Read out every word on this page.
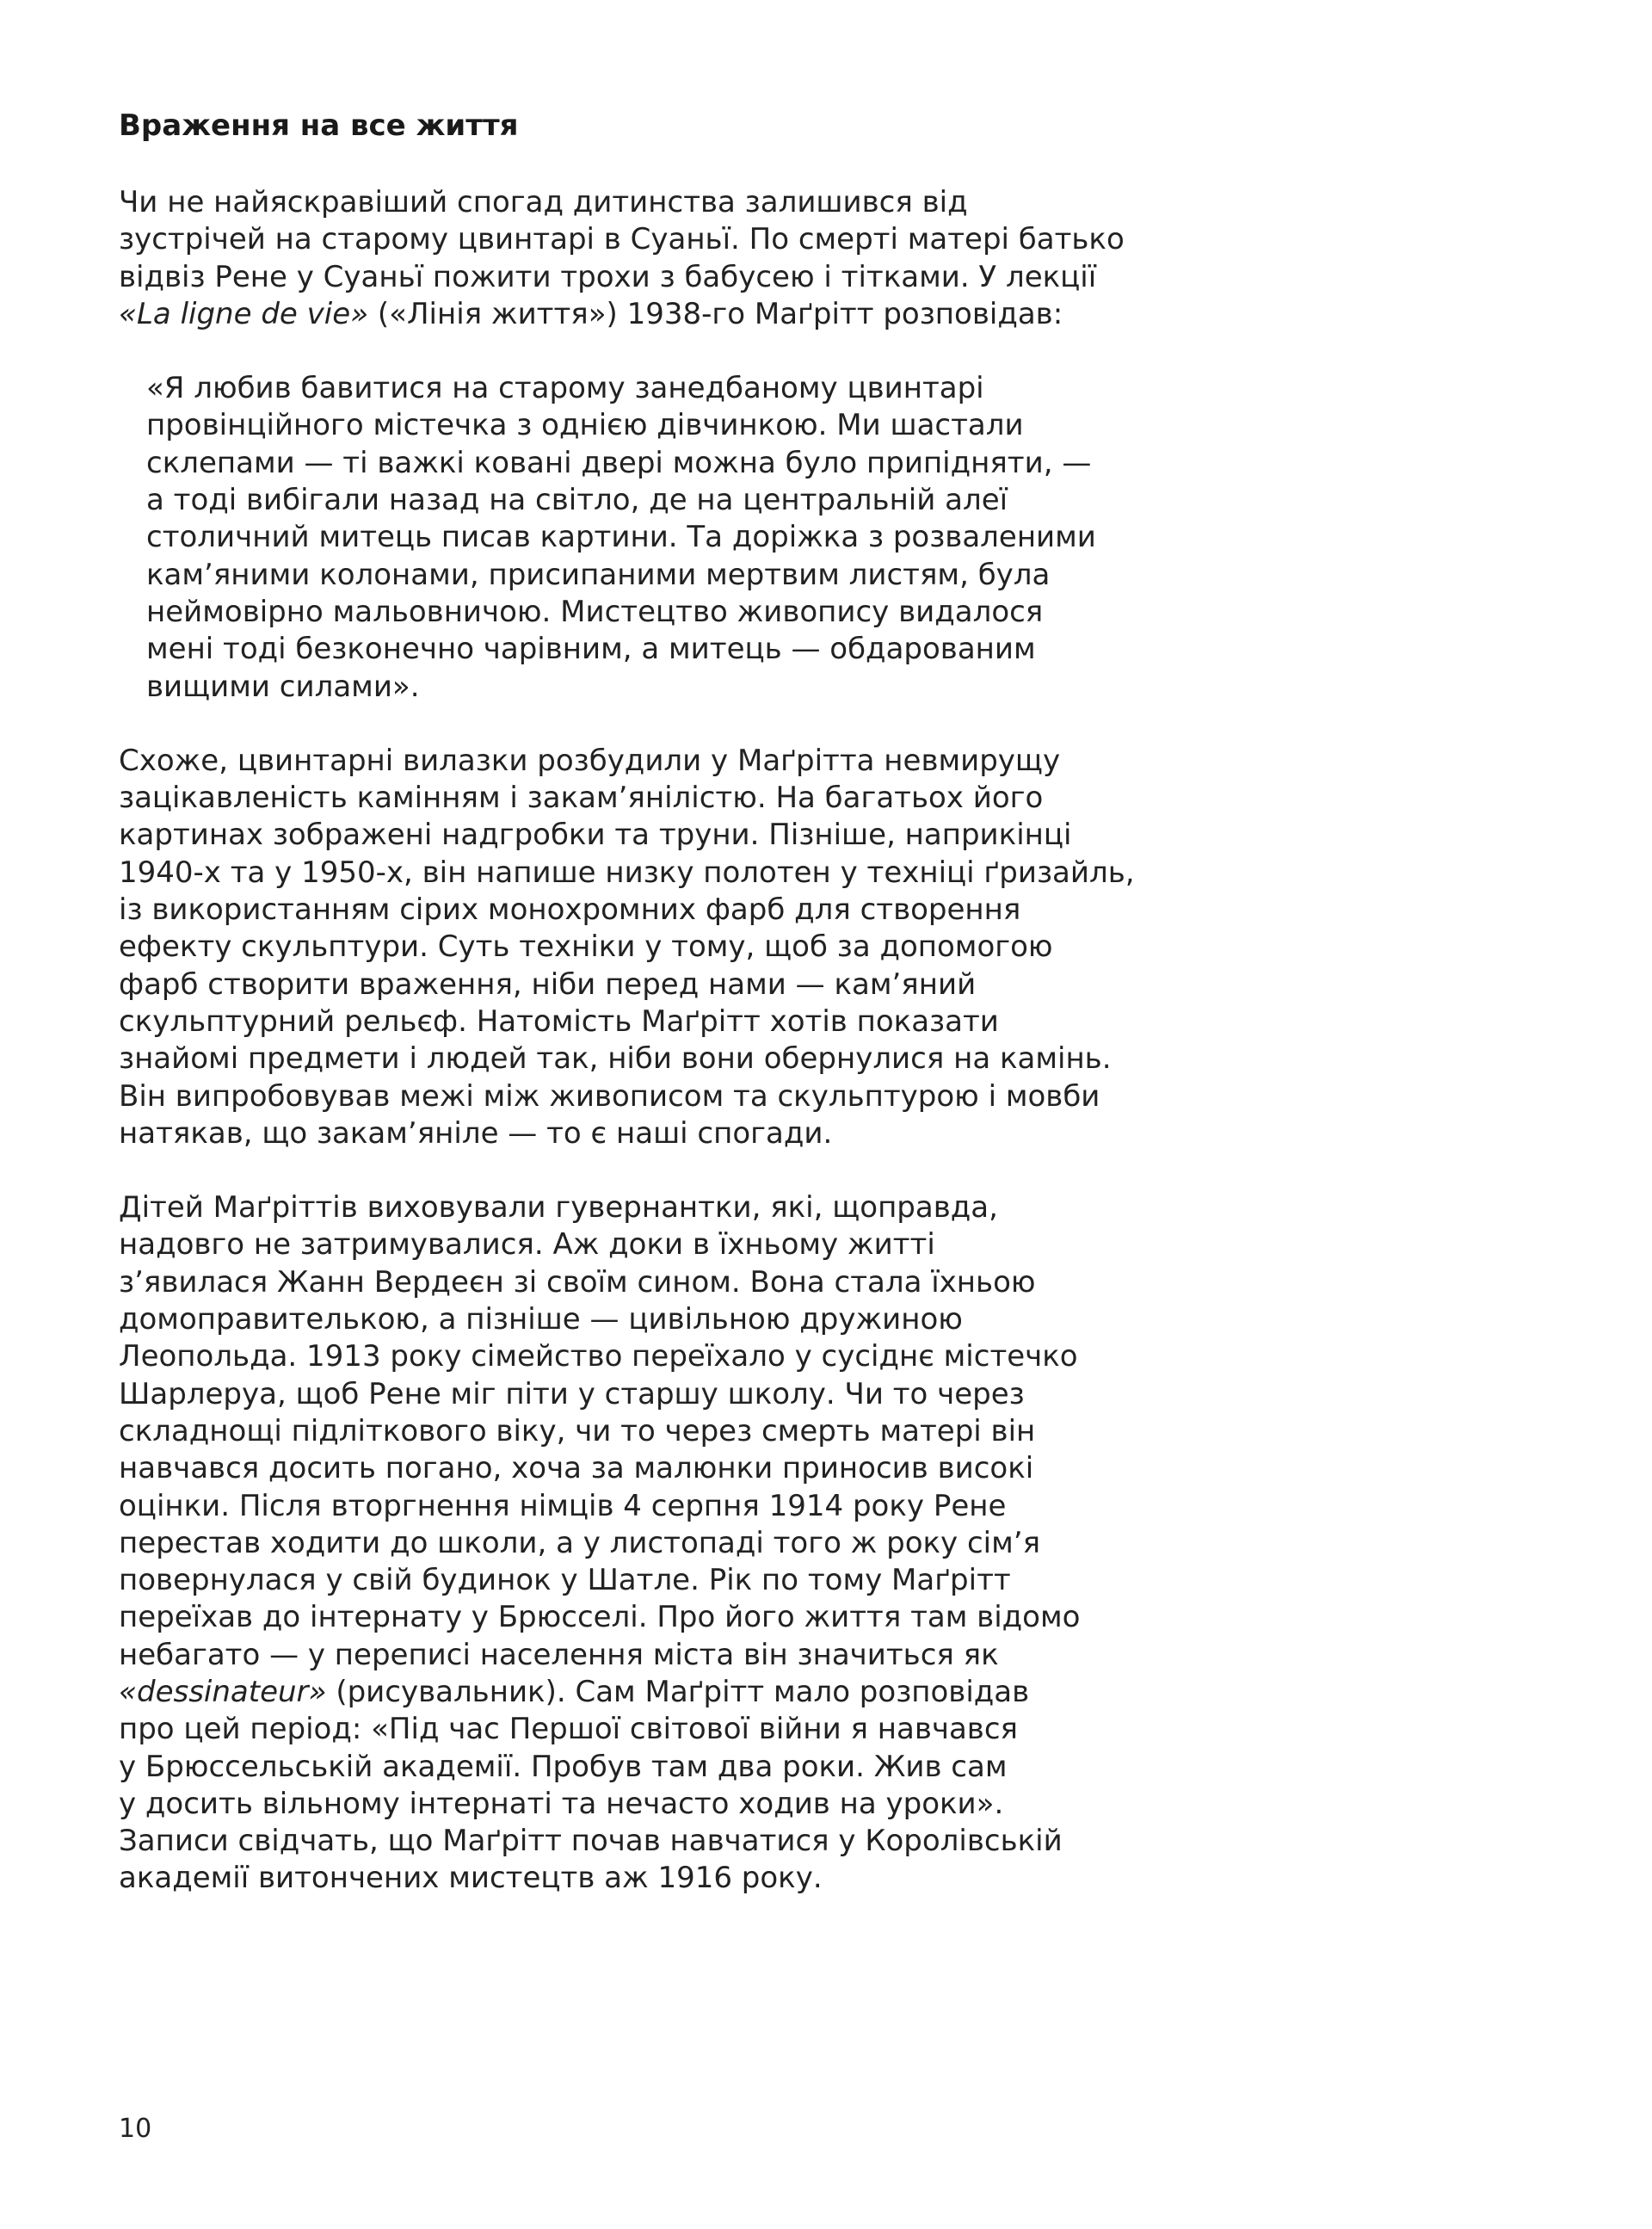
Враження на все життя

Чи не найяскравіший спогад дитинства залишився від
зустрічей на старому цвинтарі в Суаньї. По смерті матері батько
відвіз Рене у Суаньї пожити трохи з бабусею і тітками. У лекції
«La ligne de vie» («Лінія життя») 1938-го Маґрітт розповідав:

«Я любив бавитися на старому занедбаному цвинтарі
провінційного містечка з однією дівчинкою. Ми шастали
склепами — ті важкі ковані двері можна було припідняти, —
а тоді вибігали назад на світло, де на центральній алеї
столичний митець писав картини. Та доріжка з розваленими
кам’яними колонами, присипаними мертвим листям, була
неймовірно мальовничою. Мистецтво живопису видалося
мені тоді безконечно чарівним, а митець — обдарованим
вищими силами».

Схоже, цвинтарні вилазки розбудили у Маґрітта невмирущу
зацікавленість камінням і закам’янілістю. На багатьох його
картинах зображені надгробки та труни. Пізніше, наприкінці
1940-х та у 1950-х, він напише низку полотен у техніці ґризайль,
із використанням сірих монохромних фарб для створення
ефекту скульптури. Суть техніки у тому, щоб за допомогою
фарб створити враження, ніби перед нами — кам’яний
скульптурний рельєф. Натомість Маґрітт хотів показати
знайомі предмети і людей так, ніби вони обернулися на камінь.
Він випробовував межі між живописом та скульптурою і мовби
натякав, що закам’яніле — то є наші спогади.

Дітей Маґріттів виховували гувернантки, які, щоправда,
надовго не затримувалися. Аж доки в їхньому житті
з’явилася Жанн Вердеєн зі своїм сином. Вона стала їхньою
домоправителькою, а пізніше — цивільною дружиною
Леопольда. 1913 року сімейство переїхало у сусіднє містечко
Шарлеруа, щоб Рене міг піти у старшу школу. Чи то через
складнощі підліткового віку, чи то через смерть матері він
навчався досить погано, хоча за малюнки приносив високі
оцінки. Після вторгнення німців 4 серпня 1914 року Рене
перестав ходити до школи, а у листопаді того ж року сім’я
повернулася у свій будинок у Шатле. Рік по тому Маґрітт
переїхав до інтернату у Брюсселі. Про його життя там відомо
небагато — у переписі населення міста він значиться як
«dessinateur» (рисувальник). Сам Маґрітт мало розповідав
про цей період: «Під час Першої світової війни я навчався
у Брюссельській академії. Пробув там два роки. Жив сам
у досить вільному інтернаті та нечасто ходив на уроки».
Записи свідчать, що Маґрітт почав навчатися у Королівській
академії витончених мистецтв аж 1916 року.

10
